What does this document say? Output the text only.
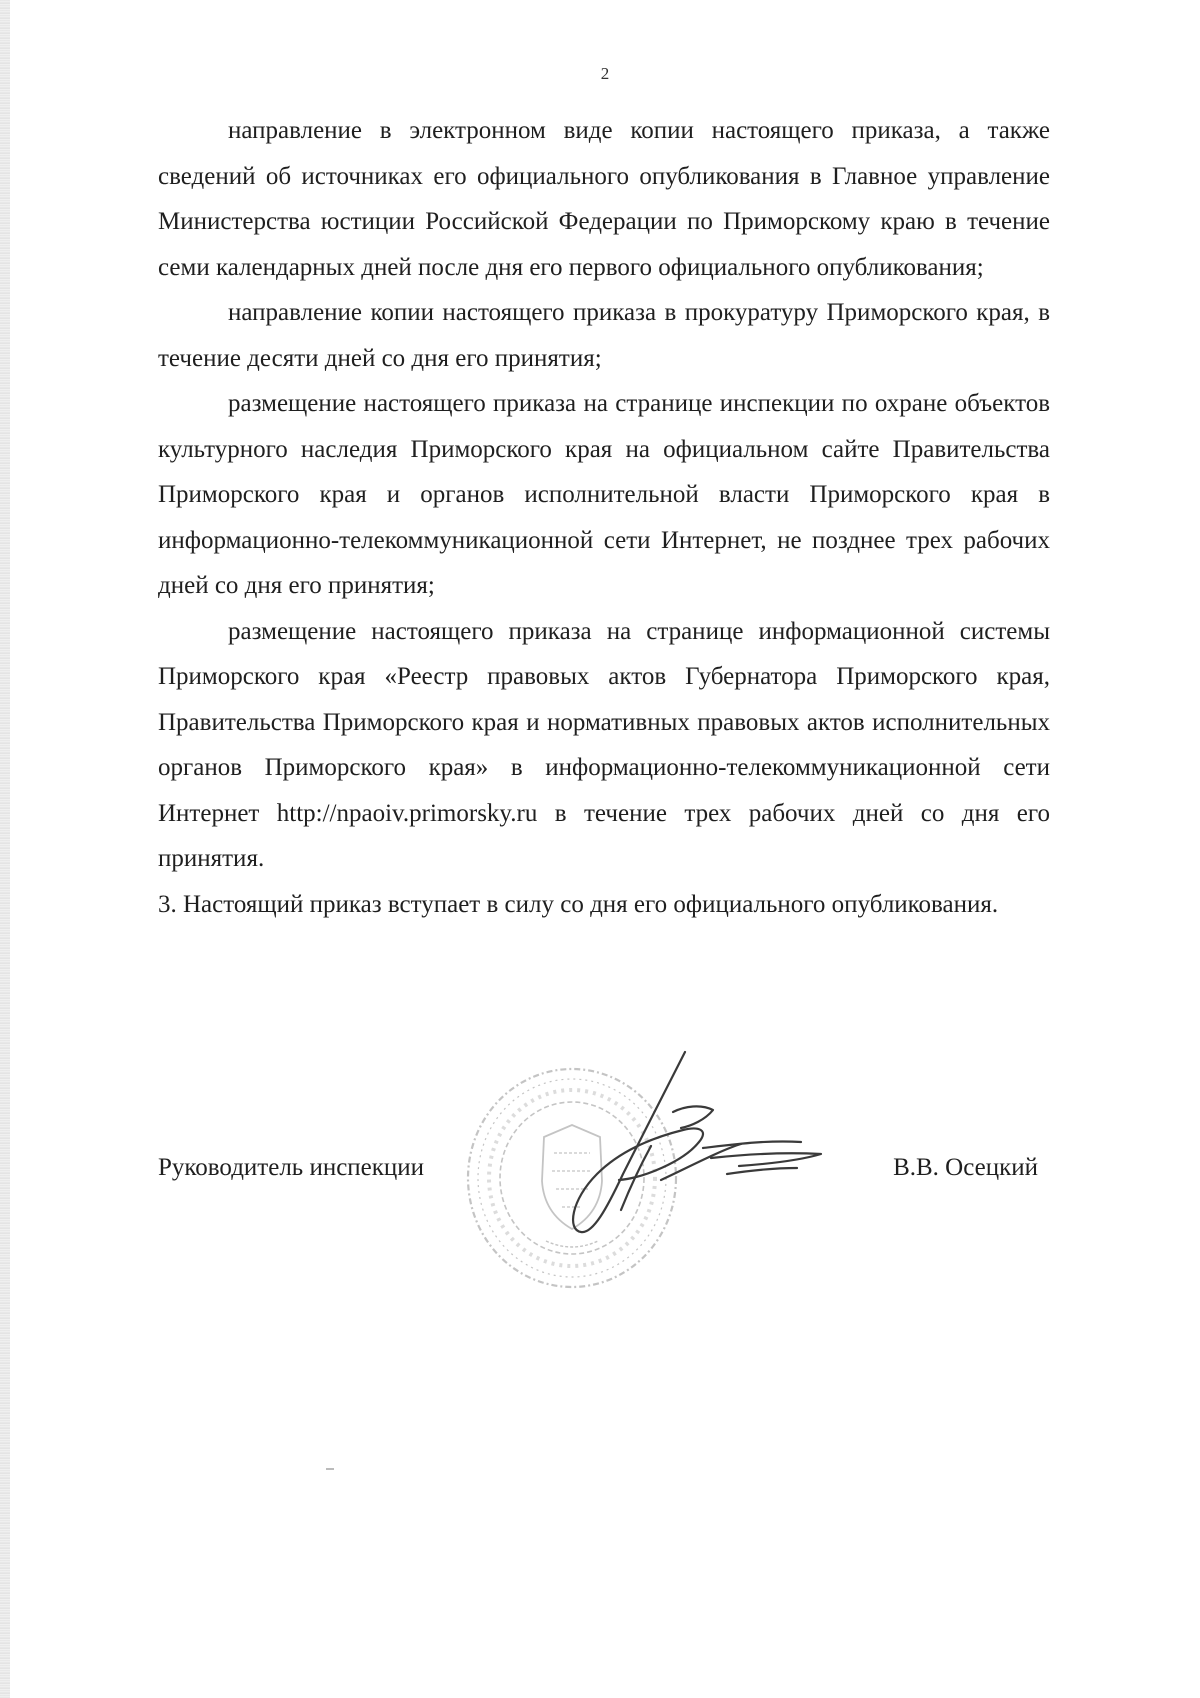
2

направление в электронном виде копии настоящего приказа, а также сведений об источниках его официального опубликования в Главное управление Министерства юстиции Российской Федерации по Приморскому краю в течение семи календарных дней после дня его первого официального опубликования;

направление копии настоящего приказа в прокуратуру Приморского края, в течение десяти дней со дня его принятия;

размещение настоящего приказа на странице инспекции по охране объектов культурного наследия Приморского края на официальном сайте Правительства Приморского края и органов исполнительной власти Приморского края в информационно-телекоммуникационной сети Интернет, не позднее трех рабочих дней со дня его принятия;

размещение настоящего приказа на странице информационной системы Приморского края «Реестр правовых актов Губернатора Приморского края, Правительства Приморского края и нормативных правовых актов исполнительных органов Приморского края» в информационно-телекоммуникационной сети Интернет http://npaoiv.primorsky.ru в течение трех рабочих дней со дня его принятия.

3. Настоящий приказ вступает в силу со дня его официального опубликования.

Руководитель инспекции	В.В. Осецкий
